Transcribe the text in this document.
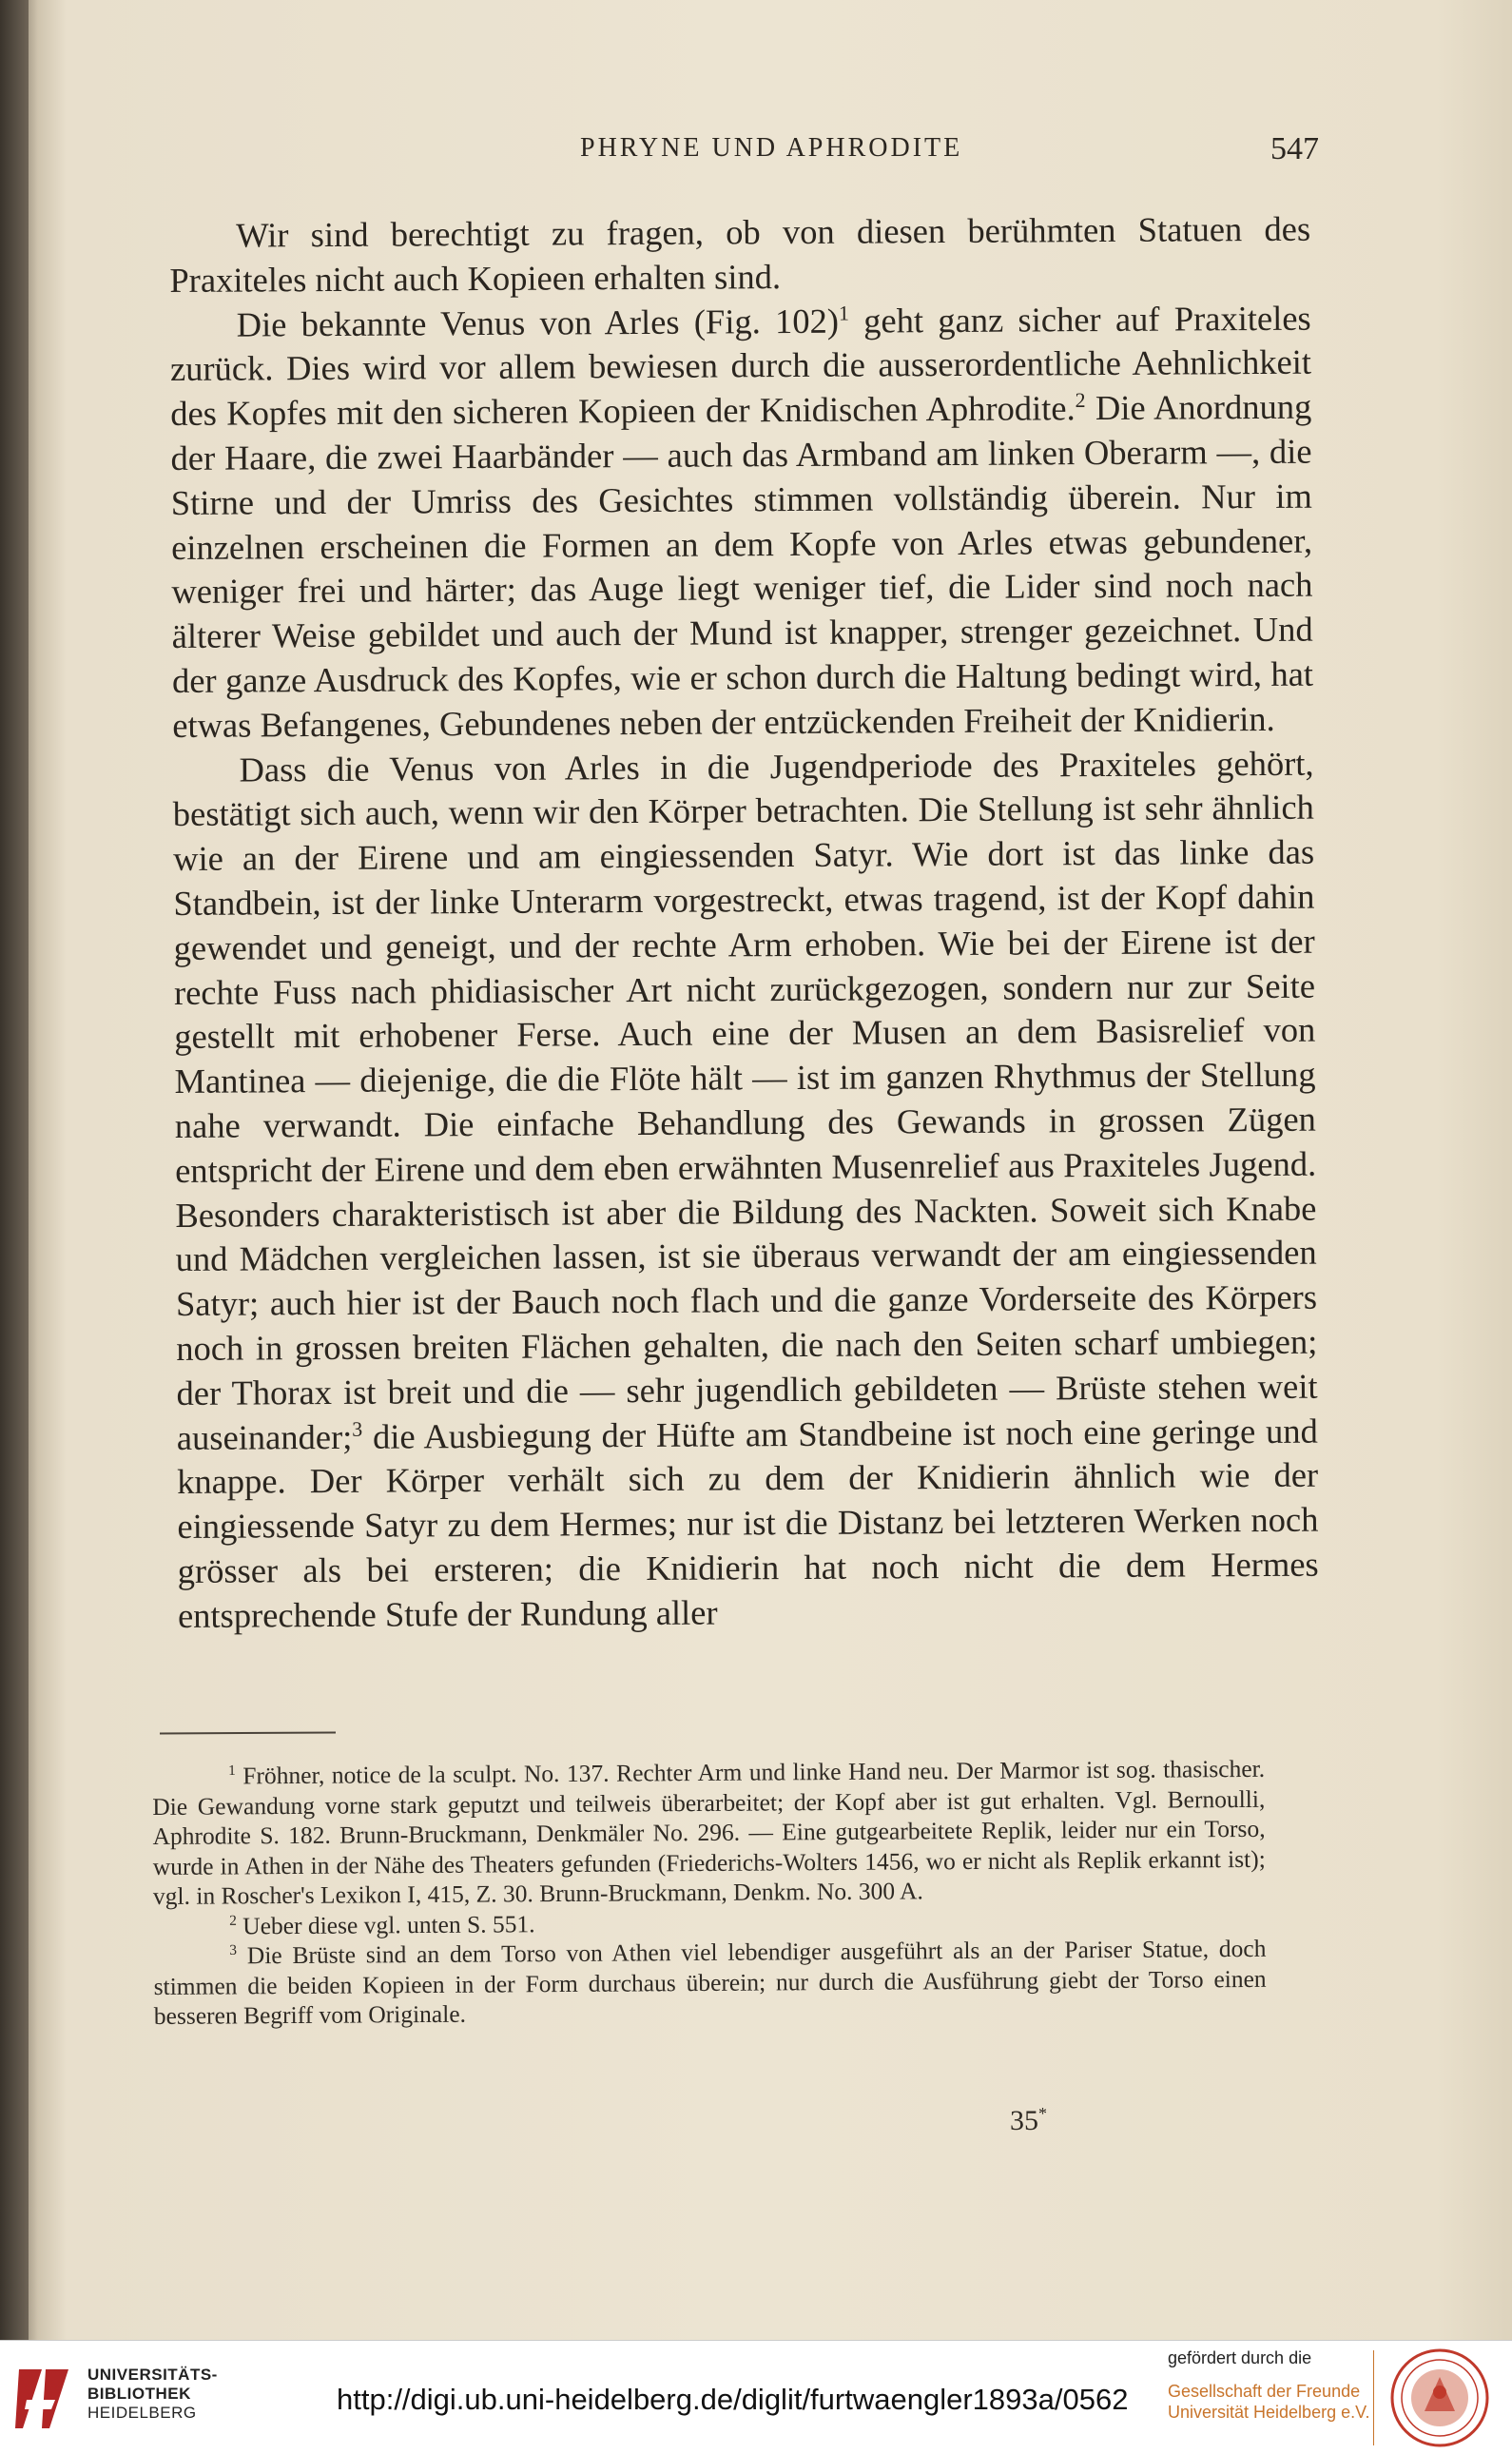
PHRYNE UND APHRODITE	547

Wir sind berechtigt zu fragen, ob von diesen berühmten Statuen des Praxiteles nicht auch Kopieen erhalten sind.

Die bekannte Venus von Arles (Fig. 102)$^1$ geht ganz sicher auf Praxiteles zurück. Dies wird vor allem bewiesen durch die ausserordentliche Aehnlichkeit des Kopfes mit den sicheren Kopieen der Knidischen Aphrodite.$^2$ Die Anordnung der Haare, die zwei Haarbänder — auch das Armband am linken Oberarm —, die Stirne und der Umriss des Gesichtes stimmen vollständig überein. Nur im einzelnen erscheinen die Formen an dem Kopfe von Arles etwas gebundener, weniger frei und härter; das Auge liegt weniger tief, die Lider sind noch nach älterer Weise gebildet und auch der Mund ist knapper, strenger gezeichnet. Und der ganze Ausdruck des Kopfes, wie er schon durch die Haltung bedingt wird, hat etwas Befangenes, Gebundenes neben der entzückenden Freiheit der Knidierin.

Dass die Venus von Arles in die Jugendperiode des Praxiteles gehört, bestätigt sich auch, wenn wir den Körper betrachten. Die Stellung ist sehr ähnlich wie an der Eirene und am eingiessenden Satyr. Wie dort ist das linke das Standbein, ist der linke Unterarm vorgestreckt, etwas tragend, ist der Kopf dahin gewendet und geneigt, und der rechte Arm erhoben. Wie bei der Eirene ist der rechte Fuss nach phidiasischer Art nicht zurückgezogen, sondern nur zur Seite gestellt mit erhobener Ferse. Auch eine der Musen an dem Basisrelief von Mantinea — diejenige, die die Flöte hält — ist im ganzen Rhythmus der Stellung nahe verwandt. Die einfache Behandlung des Gewands in grossen Zügen entspricht der Eirene und dem eben erwähnten Musenrelief aus Praxiteles Jugend. Besonders charakteristisch ist aber die Bildung des Nackten. Soweit sich Knabe und Mädchen vergleichen lassen, ist sie überaus verwandt der am eingiessenden Satyr; auch hier ist der Bauch noch flach und die ganze Vorderseite des Körpers noch in grossen breiten Flächen gehalten, die nach den Seiten scharf umbiegen; der Thorax ist breit und die — sehr jugendlich gebildeten — Brüste stehen weit auseinander;$^3$ die Ausbiegung der Hüfte am Standbeine ist noch eine geringe und knappe. Der Körper verhält sich zu dem der Knidierin ähnlich wie der eingiessende Satyr zu dem Hermes; nur ist die Distanz bei letzteren Werken noch grösser als bei ersteren; die Knidierin hat noch nicht die dem Hermes entsprechende Stufe der Rundung aller

$^1$ Fröhner, notice de la sculpt. No. 137. Rechter Arm und linke Hand neu. Der Marmor ist sog. thasischer. Die Gewandung vorne stark geputzt und teilweis überarbeitet; der Kopf aber ist gut erhalten. Vgl. Bernoulli, Aphrodite S. 182. Brunn-Bruckmann, Denkmäler No. 296. — Eine gutgearbeitete Replik, leider nur ein Torso, wurde in Athen in der Nähe des Theaters gefunden (Friederichs-Wolters 1456, wo er nicht als Replik erkannt ist); vgl. in Roscher's Lexikon I, 415, Z. 30. Brunn-Bruckmann, Denkm. No. 300 A.

$^2$ Ueber diese vgl. unten S. 551.

$^3$ Die Brüste sind an dem Torso von Athen viel lebendiger ausgeführt als an der Pariser Statue, doch stimmen die beiden Kopieen in der Form durchaus überein; nur durch die Ausführung giebt der Torso einen besseren Begriff vom Originale.

35*
UNIVERSITÄTS-
BIBLIOTHEK
HEIDELBERG	http://digi.ub.uni-heidelberg.de/diglit/furtwaengler1893a/0562
gefördert durch die
Gesellschaft der Freunde
Universität Heidelberg e.V.
